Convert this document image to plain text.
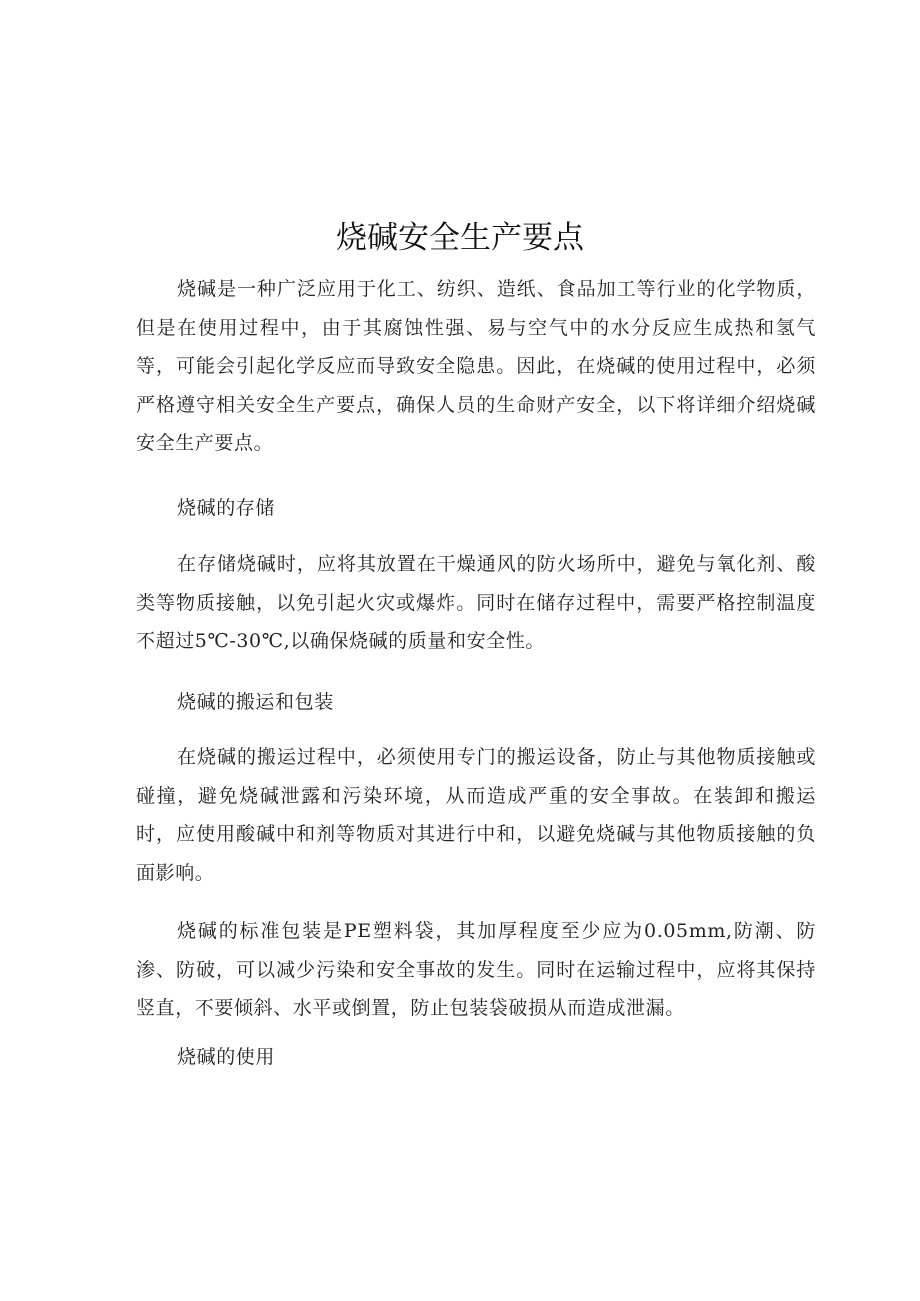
烧碱安全生产要点

烧碱是一种广泛应用于化工、纺织、造纸、食品加工等行业的化学物质，但是在使用过程中，由于其腐蚀性强、易与空气中的水分反应生成热和氢气等，可能会引起化学反应而导致安全隐患。因此，在烧碱的使用过程中，必须严格遵守相关安全生产要点，确保人员的生命财产安全，以下将详细介绍烧碱安全生产要点。

烧碱的存储

在存储烧碱时，应将其放置在干燥通风的防火场所中，避免与氧化剂、酸类等物质接触，以免引起火灾或爆炸。同时在储存过程中，需要严格控制温度不超过5℃-30℃,以确保烧碱的质量和安全性。

烧碱的搬运和包装

在烧碱的搬运过程中，必须使用专门的搬运设备，防止与其他物质接触或碰撞，避免烧碱泄露和污染环境，从而造成严重的安全事故。在装卸和搬运时，应使用酸碱中和剂等物质对其进行中和，以避免烧碱与其他物质接触的负面影响。

烧碱的标准包装是PE塑料袋，其加厚程度至少应为0.05mm,防潮、防渗、防破，可以减少污染和安全事故的发生。同时在运输过程中，应将其保持竖直，不要倾斜、水平或倒置，防止包装袋破损从而造成泄漏。

烧碱的使用
